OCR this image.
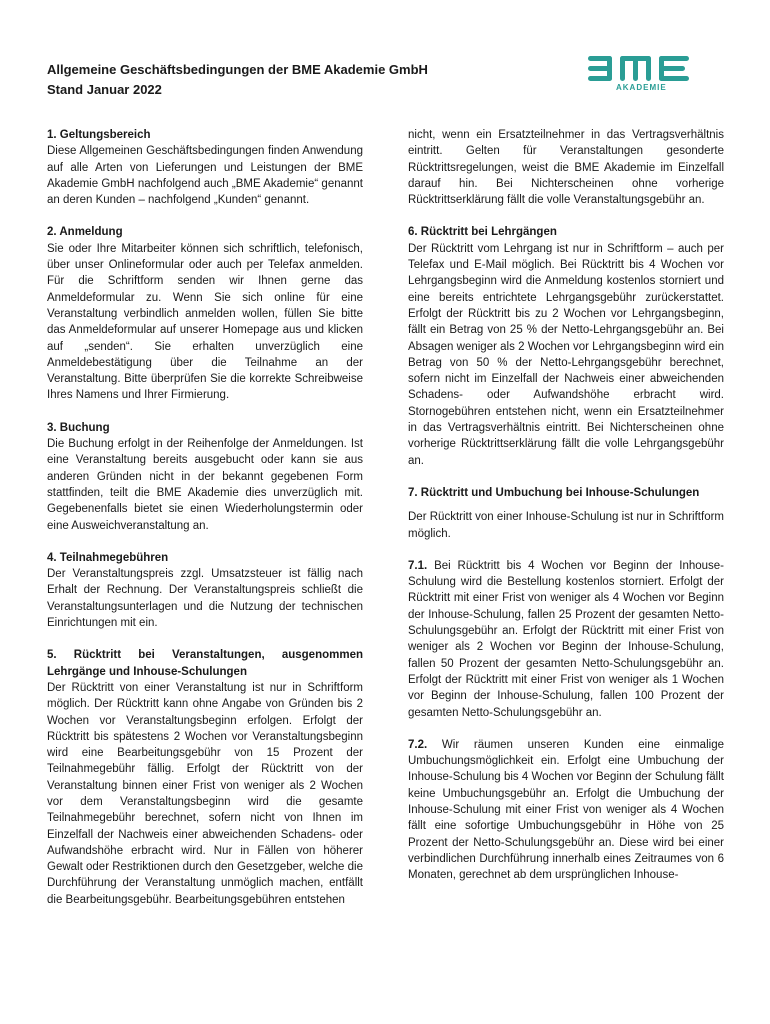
Allgemeine Geschäftsbedingungen der BME Akademie GmbH
Stand Januar 2022	AKADEMIE
1. Geltungsbereich

Diese Allgemeinen Geschäftsbedingungen finden Anwendung auf alle Arten von Lieferungen und Leistungen der BME Akademie GmbH nachfolgend auch „BME Akademie“ genannt an deren Kunden – nachfolgend „Kunden“ genannt.

2. Anmeldung

Sie oder Ihre Mitarbeiter können sich schriftlich, telefonisch, über unser Onlineformular oder auch per Telefax anmelden. Für die Schriftform senden wir Ihnen gerne das Anmeldeformular zu. Wenn Sie sich online für eine Veranstaltung verbindlich anmelden wollen, füllen Sie bitte das Anmeldeformular auf unserer Homepage aus und klicken auf „senden“. Sie erhalten unverzüglich eine Anmeldebestätigung über die Teilnahme an der Veranstaltung. Bitte überprüfen Sie die korrekte Schreibweise Ihres Namens und Ihrer Firmierung.

3. Buchung

Die Buchung erfolgt in der Reihenfolge der Anmeldungen. Ist eine Veranstaltung bereits ausgebucht oder kann sie aus anderen Gründen nicht in der bekannt gegebenen Form stattfinden, teilt die BME Akademie dies unverzüglich mit. Gegebenenfalls bietet sie einen Wiederholungstermin oder eine Ausweichveranstaltung an.

4. Teilnahmegebühren

Der Veranstaltungspreis zzgl. Umsatzsteuer ist fällig nach Erhalt der Rechnung. Der Veranstaltungspreis schließt die Veranstaltungsunterlagen und die Nutzung der technischen Einrichtungen mit ein.

5. Rücktritt bei Veranstaltungen, ausgenommen Lehrgänge und Inhouse-Schulungen

Der Rücktritt von einer Veranstaltung ist nur in Schriftform möglich. Der Rücktritt kann ohne Angabe von Gründen bis 2 Wochen vor Veranstaltungsbeginn erfolgen. Erfolgt der Rücktritt bis spätestens 2 Wochen vor Veranstaltungsbeginn wird eine Bearbeitungsgebühr von 15 Prozent der Teilnahmegebühr fällig. Erfolgt der Rücktritt von der Veranstaltung binnen einer Frist von weniger als 2 Wochen vor dem Veranstaltungsbeginn wird die gesamte Teilnahmegebühr berechnet, sofern nicht von Ihnen im Einzelfall der Nachweis einer abweichenden Schadens- oder Aufwandshöhe erbracht wird. Nur in Fällen von höherer Gewalt oder Restriktionen durch den Gesetzgeber, welche die Durchführung der Veranstaltung unmöglich machen, entfällt die Bearbeitungsgebühr. Bearbeitungsgebühren entstehen

nicht, wenn ein Ersatzteilnehmer in das Vertragsverhältnis eintritt. Gelten für Veranstaltungen gesonderte Rücktrittsregelungen, weist die BME Akademie im Einzelfall darauf hin. Bei Nichterscheinen ohne vorherige Rücktrittserklärung fällt die volle Veranstaltungsgebühr an.

6. Rücktritt bei Lehrgängen

Der Rücktritt vom Lehrgang ist nur in Schriftform – auch per Telefax und E-Mail möglich. Bei Rücktritt bis 4 Wochen vor Lehrgangsbeginn wird die Anmeldung kostenlos storniert und eine bereits entrichtete Lehrgangsgebühr zurückerstattet. Erfolgt der Rücktritt bis zu 2 Wochen vor Lehrgangsbeginn, fällt ein Betrag von 25 % der Netto-Lehrgangsgebühr an. Bei Absagen weniger als 2 Wochen vor Lehrgangsbeginn wird ein Betrag von 50 % der Netto-Lehrgangsgebühr berechnet, sofern nicht im Einzelfall der Nachweis einer abweichenden Schadens- oder Aufwandshöhe erbracht wird. Stornogebühren entstehen nicht, wenn ein Ersatzteilnehmer in das Vertragsverhältnis eintritt. Bei Nichterscheinen ohne vorherige Rücktrittserklärung fällt die volle Lehrgangsgebühr an.

7. Rücktritt und Umbuchung bei Inhouse-Schulungen

Der Rücktritt von einer Inhouse-Schulung ist nur in Schriftform möglich.

7.1. Bei Rücktritt bis 4 Wochen vor Beginn der Inhouse-Schulung wird die Bestellung kostenlos storniert. Erfolgt der Rücktritt mit einer Frist von weniger als 4 Wochen vor Beginn der Inhouse-Schulung, fallen 25 Prozent der gesamten Netto-Schulungsgebühr an. Erfolgt der Rücktritt mit einer Frist von weniger als 2 Wochen vor Beginn der Inhouse-Schulung, fallen 50 Prozent der gesamten Netto-Schulungsgebühr an. Erfolgt der Rücktritt mit einer Frist von weniger als 1 Wochen vor Beginn der Inhouse-Schulung, fallen 100 Prozent der gesamten Netto-Schulungsgebühr an.

7.2. Wir räumen unseren Kunden eine einmalige Umbuchungsmöglichkeit ein. Erfolgt eine Umbuchung der Inhouse-Schulung bis 4 Wochen vor Beginn der Schulung fällt keine Umbuchungsgebühr an. Erfolgt die Umbuchung der Inhouse-Schulung mit einer Frist von weniger als 4 Wochen fällt eine sofortige Umbuchungsgebühr in Höhe von 25 Prozent der Netto-Schulungsgebühr an. Diese wird bei einer verbindlichen Durchführung innerhalb eines Zeitraumes von 6 Monaten, gerechnet ab dem ursprünglichen Inhouse-
